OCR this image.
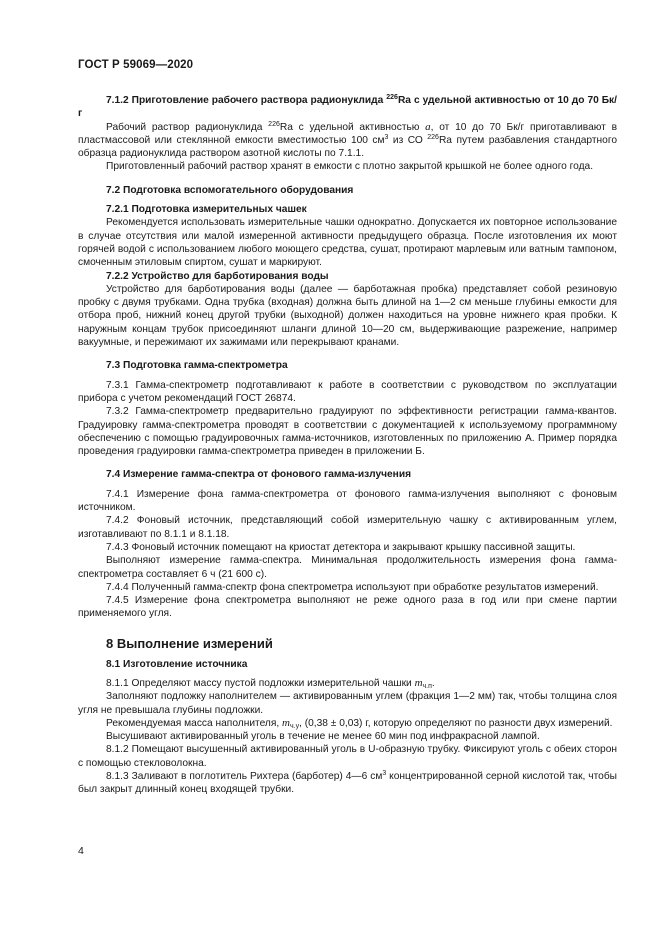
ГОСТ Р 59069—2020

7.1.2 Приготовление рабочего раствора радионуклида $^{226}$Ra с удельной активностью от 10 до 70 Бк/г

Рабочий раствор радионуклида $^{226}$Ra с удельной активностью a, от 10 до 70 Бк/г приготавливают в пластмассовой или стеклянной емкости вместимостью 100 $см^3$ из СО $^{226}$Ra путем разбавления стандартного образца радионуклида раствором азотной кислоты по 7.1.1.

Приготовленный рабочий раствор хранят в емкости с плотно закрытой крышкой не более одного года.

7.2 Подготовка вспомогательного оборудования

7.2.1 Подготовка измерительных чашек

Рекомендуется использовать измерительные чашки однократно. Допускается их повторное использование в случае отсутствия или малой измеренной активности предыдущего образца. После изготовления их моют горячей водой с использованием любого моющего средства, сушат, протирают марлевым или ватным тампоном, смоченным этиловым спиртом, сушат и маркируют.

7.2.2 Устройство для барботирования воды

Устройство для барботирования воды (далее — барботажная пробка) представляет собой резиновую пробку с двумя трубками. Одна трубка (входная) должна быть длиной на 1—2 см меньше глубины емкости для отбора проб, нижний конец другой трубки (выходной) должен находиться на уровне нижнего края пробки. К наружным концам трубок присоединяют шланги длиной 10—20 см, выдерживающие разрежение, например вакуумные, и пережимают их зажимами или перекрывают кранами.

7.3 Подготовка гамма-спектрометра

7.3.1 Гамма-спектрометр подготавливают к работе в соответствии с руководством по эксплуатации прибора с учетом рекомендаций ГОСТ 26874.

7.3.2 Гамма-спектрометр предварительно градуируют по эффективности регистрации гамма-квантов. Градуировку гамма-спектрометра проводят в соответствии с документацией к используемому программному обеспечению с помощью градуировочных гамма-источников, изготовленных по приложению А. Пример порядка проведения градуировки гамма-спектрометра приведен в приложении Б.

7.4 Измерение гамма-спектра от фонового гамма-излучения

7.4.1 Измерение фона гамма-спектрометра от фонового гамма-излучения выполняют с фоновым источником.

7.4.2 Фоновый источник, представляющий собой измерительную чашку с активированным углем, изготавливают по 8.1.1 и 8.1.18.

7.4.3 Фоновый источник помещают на криостат детектора и закрывают крышку пассивной защиты.

Выполняют измерение гамма-спектра. Минимальная продолжительность измерения фона гамма-спектрометра составляет 6 ч (21 600 с).

7.4.4 Полученный гамма-спектр фона спектрометра используют при обработке результатов измерений.

7.4.5 Измерение фона спектрометра выполняют не реже одного раза в год или при смене партии применяемого угля.

8 Выполнение измерений

8.1 Изготовление источника

8.1.1 Определяют массу пустой подложки измерительной чашки $m_{ч.п}$.

Заполняют подложку наполнителем — активированным углем (фракция 1—2 мм) так, чтобы толщина слоя угля не превышала глубины подложки.

Рекомендуемая масса наполнителя, $m_{ч.у}$, (0,38 ± 0,03) г, которую определяют по разности двух измерений.

Высушивают активированный уголь в течение не менее 60 мин под инфракрасной лампой.

8.1.2 Помещают высушенный активированный уголь в U-образную трубку. Фиксируют уголь с обеих сторон с помощью стекловолокна.

8.1.3 Заливают в поглотитель Рихтера (барботер) 4—6 $см^3$ концентрированной серной кислотой так, чтобы был закрыт длинный конец входящей трубки.

4
